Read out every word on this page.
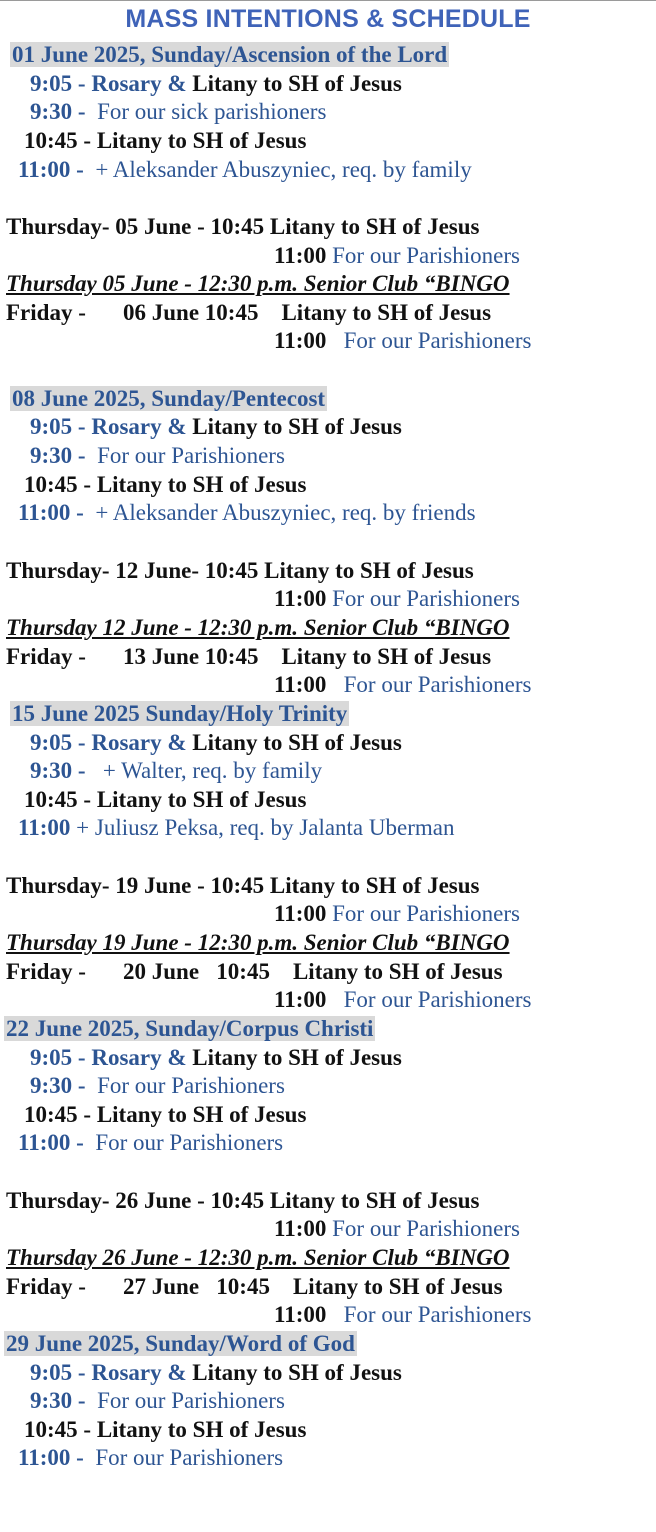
MASS INTENTIONS & SCHEDULE
01 June 2025, Sunday/Ascension of the Lord
9:05 - Rosary & Litany to SH of Jesus
9:30 - For our sick parishioners
10:45 - Litany to SH of Jesus
11:00 - + Aleksander Abuszyniec, req. by family
Thursday- 05 June - 10:45 Litany to SH of Jesus
11:00 For our Parishioners
Thursday 05 June - 12:30 p.m. Senior Club “BINGO
Friday - 06 June 10:45 Litany to SH of Jesus
11:00 For our Parishioners
08 June 2025, Sunday/Pentecost
9:05 - Rosary & Litany to SH of Jesus
9:30 - For our Parishioners
10:45 - Litany to SH of Jesus
11:00 - + Aleksander Abuszyniec, req. by friends
Thursday- 12 June- 10:45 Litany to SH of Jesus
11:00 For our Parishioners
Thursday 12 June - 12:30 p.m. Senior Club “BINGO
Friday - 13 June 10:45 Litany to SH of Jesus
11:00 For our Parishioners
15 June 2025 Sunday/Holy Trinity
9:05 - Rosary & Litany to SH of Jesus
9:30 - + Walter, req. by family
10:45 - Litany to SH of Jesus
11:00 + Juliusz Peksa, req. by Jalanta Uberman
Thursday- 19 June - 10:45 Litany to SH of Jesus
11:00 For our Parishioners
Thursday 19 June - 12:30 p.m. Senior Club “BINGO
Friday - 20 June 10:45 Litany to SH of Jesus
11:00 For our Parishioners
22 June 2025, Sunday/Corpus Christi
9:05 - Rosary & Litany to SH of Jesus
9:30 - For our Parishioners
10:45 - Litany to SH of Jesus
11:00 - For our Parishioners
Thursday- 26 June - 10:45 Litany to SH of Jesus
11:00 For our Parishioners
Thursday 26 June - 12:30 p.m. Senior Club “BINGO
Friday - 27 June 10:45 Litany to SH of Jesus
11:00 For our Parishioners
29 June 2025, Sunday/Word of God
9:05 - Rosary & Litany to SH of Jesus
9:30 - For our Parishioners
10:45 - Litany to SH of Jesus
11:00 - For our Parishioners
